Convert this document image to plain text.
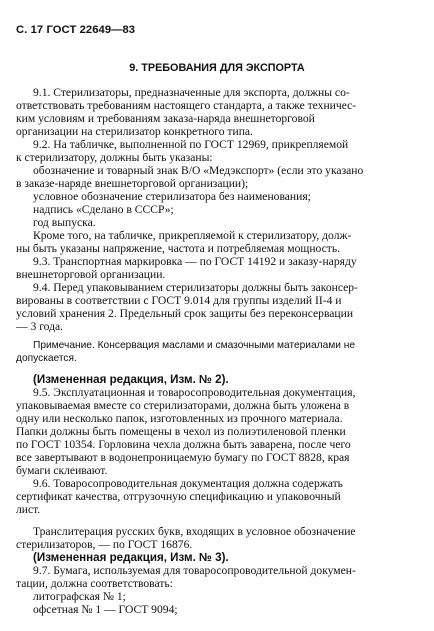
С. 17 ГОСТ 22649—83
9. ТРЕБОВАНИЯ ДЛЯ ЭКСПОРТА
9.1. Стерилизаторы, предназначенные для экспорта, должны со-
ответствовать требованиям настоящего стандарта, а также техничес-
ким условиям и требованиям заказа-наряда внешнеторговой
организации на стерилизатор конкретного типа.
9.2. На табличке, выполненной по ГОСТ 12969, прикрепляемой
к стерилизатору, должны быть указаны:
обозначение и товарный знак В/О «Медэкспорт» (если это указано
в заказе-наряде внешнеторговой организации);
условное обозначение стерилизатора без наименования;
надпись «Сделано в СССР»;
год выпуска.
Кроме того, на табличке, прикрепляемой к стерилизатору, долж-
ны быть указаны напряжение, частота и потребляемая мощность.
9.3. Транспортная маркировка — по ГОСТ 14192 и заказу-наряду
внешнеторговой организации.
9.4. Перед упаковыванием стерилизаторы должны быть законсер-
вированы в соответствии с ГОСТ 9.014 для группы изделий II-4 и
условий хранения 2. Предельный срок защиты без переконсервации
— 3 года.
Примечание. Консервация маслами и смазочными материалами не
допускается.
(Измененная редакция, Изм. № 2).
9.5. Эксплуатационная и товаросопроводительная документация,
упаковываемая вместе со стерилизаторами, должна быть уложена в
одну или несколько папок, изготовленных из прочного материала.
Папки должны быть помещены в чехол из полиэтиленовой пленки
по ГОСТ 10354. Горловина чехла должна быть заварена, после чего
все завертывают в водонепроницаемую бумагу по ГОСТ 8828, края
бумаги склеивают.
9.6. Товаросопроводительная документация должна содержать
сертификат качества, отгрузочную спецификацию и упаковочный
лист.
Транслитерация русских букв, входящих в условное обозначение
стерилизаторов, — по ГОСТ 16876.
(Измененная редакция, Изм. № 3).
9.7. Бумага, используемая для товаросопроводительной докумен-
тации, должна соответствовать:
литографская № 1;
офсетная № 1 — ГОСТ 9094;
